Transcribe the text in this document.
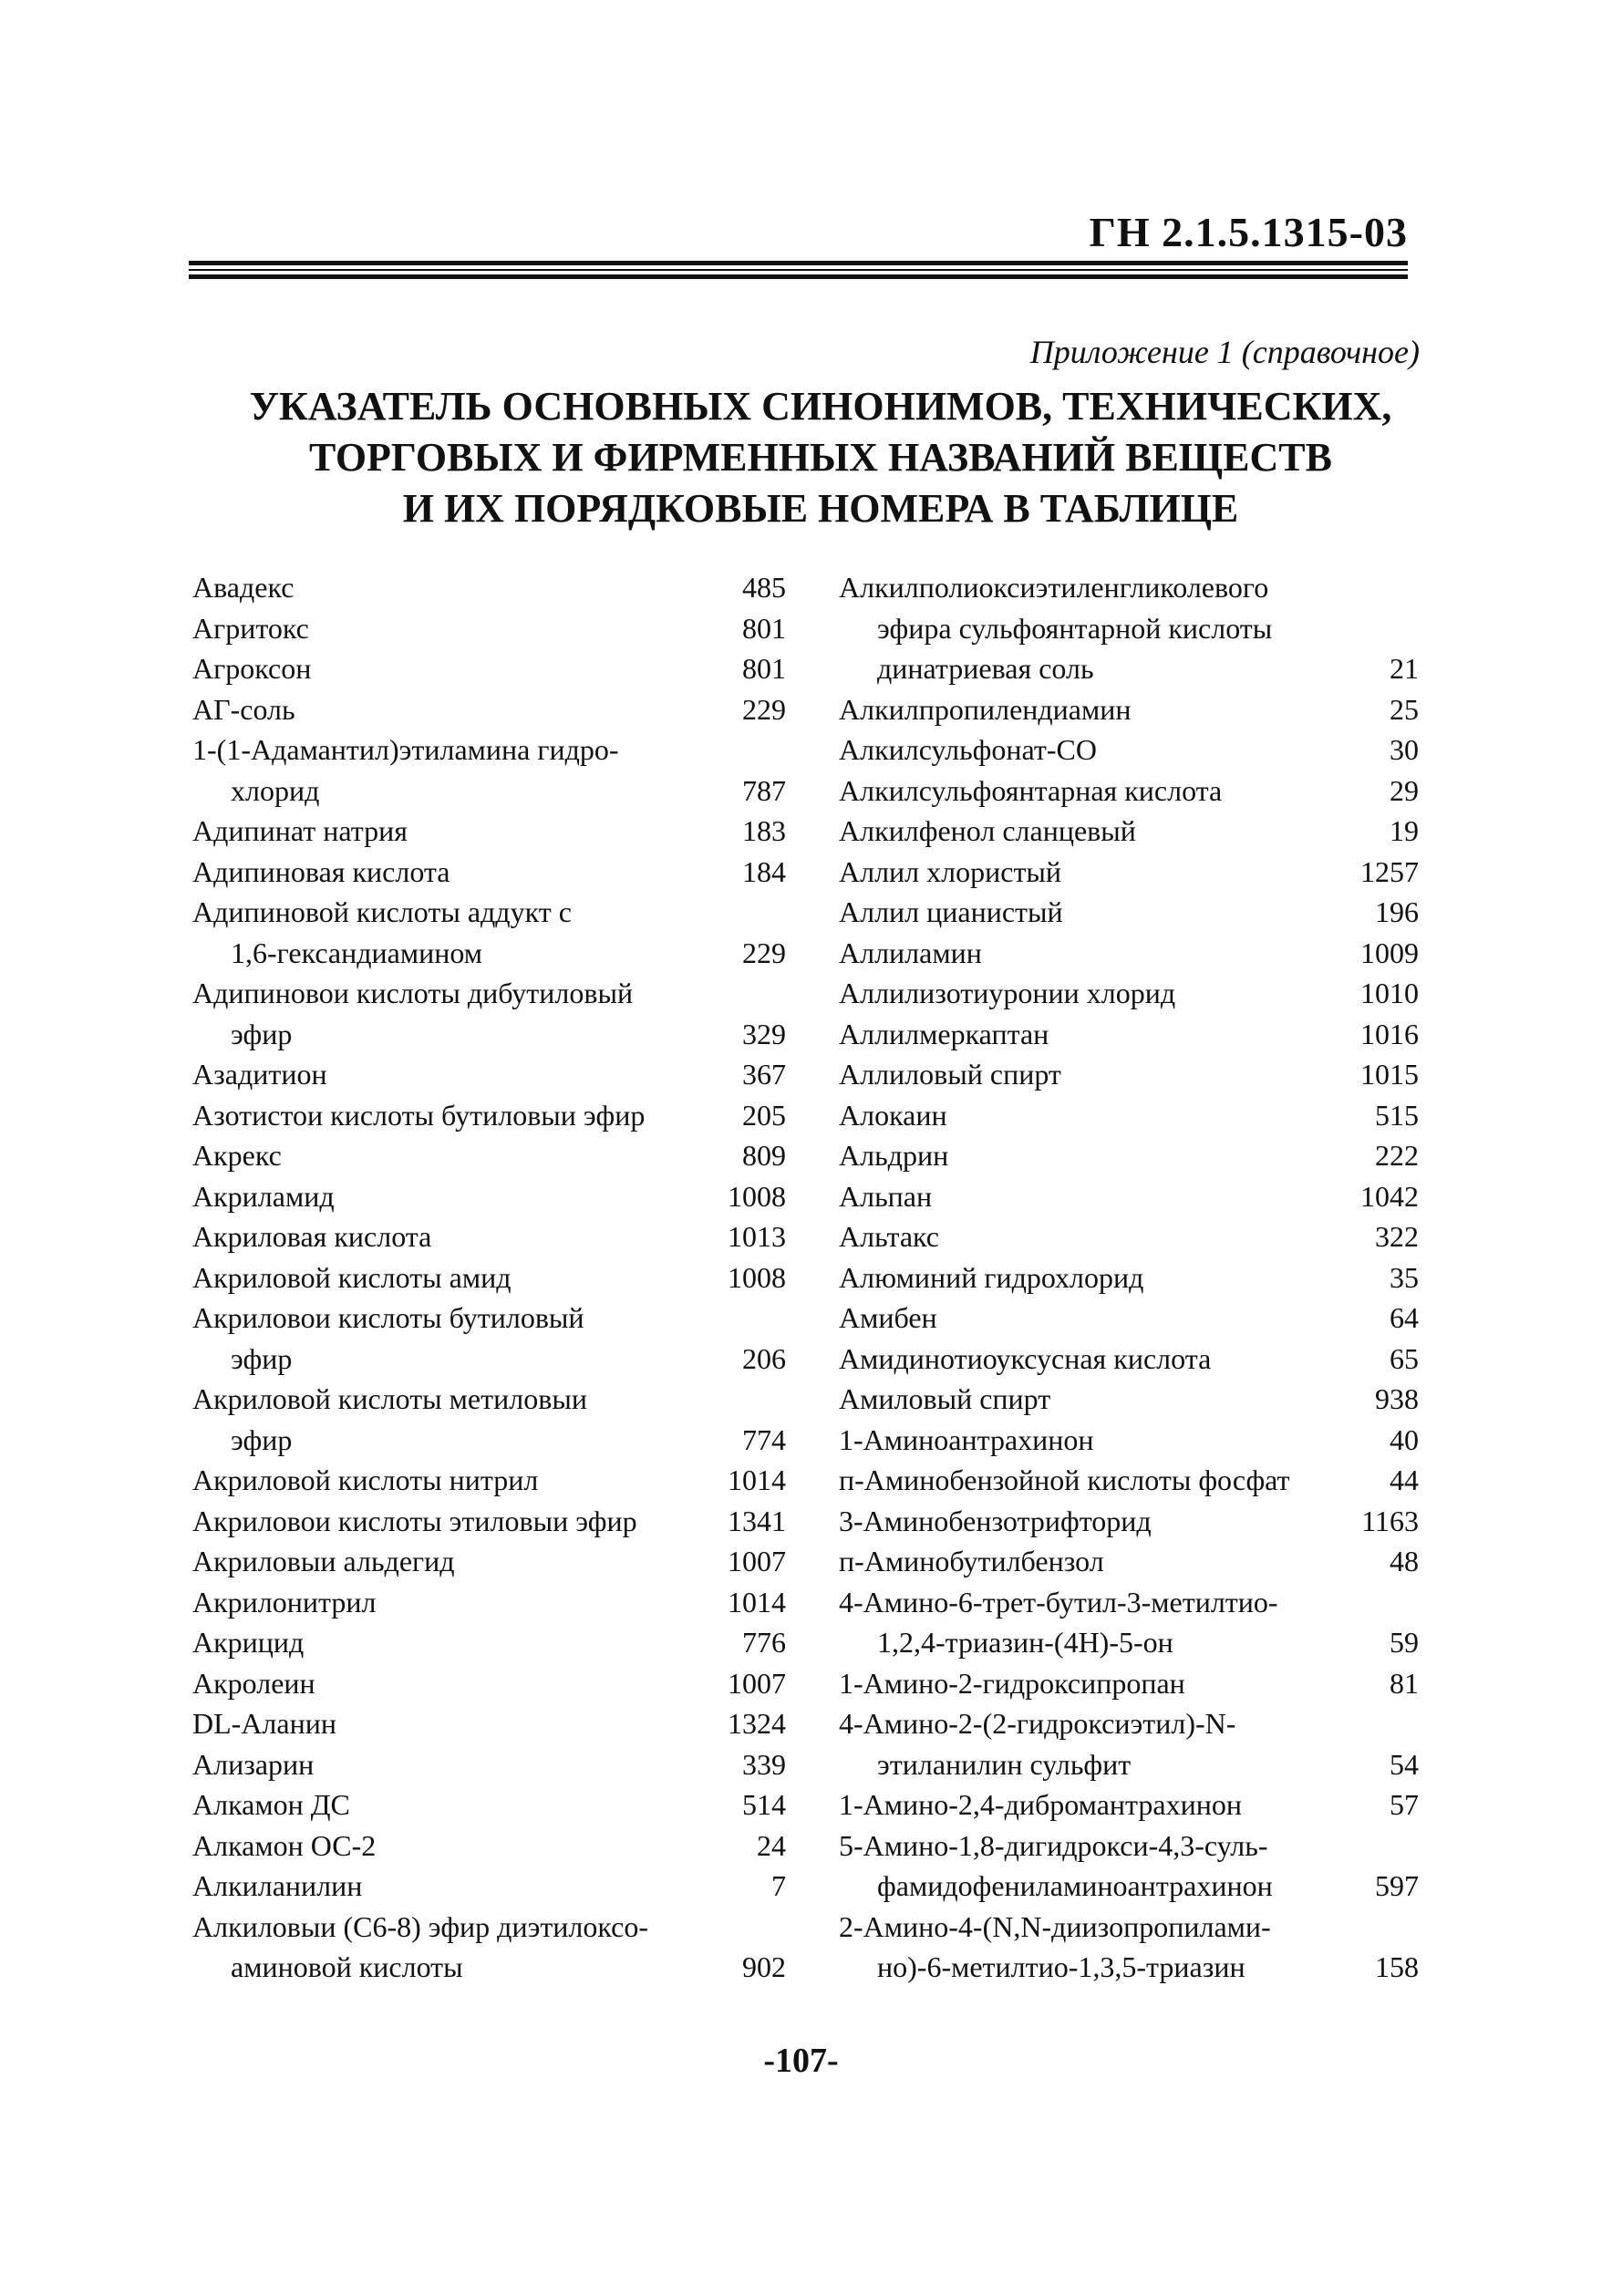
ГН 2.1.5.1315-03
Приложение 1 (справочное)
УКАЗАТЕЛЬ ОСНОВНЫХ СИНОНИМОВ, ТЕХНИЧЕСКИХ,
ТОРГОВЫХ И ФИРМЕННЫХ НАЗВАНИЙ ВЕЩЕСТВ
И ИХ ПОРЯДКОВЫЕ НОМЕРА В ТАБЛИЦЕ
Авадекс	485
Агритокс	801
Агроксон	801
АГ-соль	229
1-(1-Адамантил)этиламина гидро-
хлорид	787
Адипинат натрия	183
Адипиновая кислота	184
Адипиновой кислоты аддукт с
1,6-гександиамином	229
Адипиновои кислоты дибутиловый
эфир	329
Азадитион	367
Азотистои кислоты бутиловыи эфир	205
Акрекс	809
Акриламид	1008
Акриловая кислота	1013
Акриловой кислоты амид	1008
Акриловои кислоты бутиловый
эфир	206
Акриловой кислоты метиловыи
эфир	774
Акриловой кислоты нитрил	1014
Акриловои кислоты этиловыи эфир	1341
Акриловыи альдегид	1007
Акрилонитрил	1014
Акрицид	776
Акролеин	1007
DL-Аланин	1324
Ализарин	339
Алкамон ДС	514
Алкамон ОС-2	24
Алкиланилин	7
Алкиловыи (C6-8) эфир диэтилоксо-
аминовой кислоты	902
Алкилполиоксиэтиленгликолевого
эфира сульфоянтарной кислоты
динатриевая соль	21
Алкилпропилендиамин	25
Алкилсульфонат-СО	30
Алкилсульфоянтарная кислота	29
Алкилфенол сланцевый	19
Аллил хлористый	1257
Аллил цианистый	196
Аллиламин	1009
Аллилизотиуронии хлорид	1010
Аллилмеркаптан	1016
Аллиловый спирт	1015
Алокаин	515
Альдрин	222
Альпан	1042
Альтакс	322
Алюминий гидрохлорид	35
Амибен	64
Амидинотиоуксусная кислота	65
Амиловый спирт	938
1-Аминоантрахинон	40
п-Аминобензойной кислоты фосфат	44
3-Аминобензотрифторид	1163
п-Аминобутилбензол	48
4-Амино-6-трет-бутил-3-метилтио-
1,2,4-триазин-(4Н)-5-он	59
1-Амино-2-гидроксипропан	81
4-Амино-2-(2-гидроксиэтил)-N-
этиланилин сульфит	54
1-Амино-2,4-дибромантрахинон	57
5-Амино-1,8-дигидрокси-4,3-суль-
фамидофениламиноантрахинон	597
2-Амино-4-(N,N-диизопропилами-
но)-6-метилтио-1,3,5-триазин	158
-107-
